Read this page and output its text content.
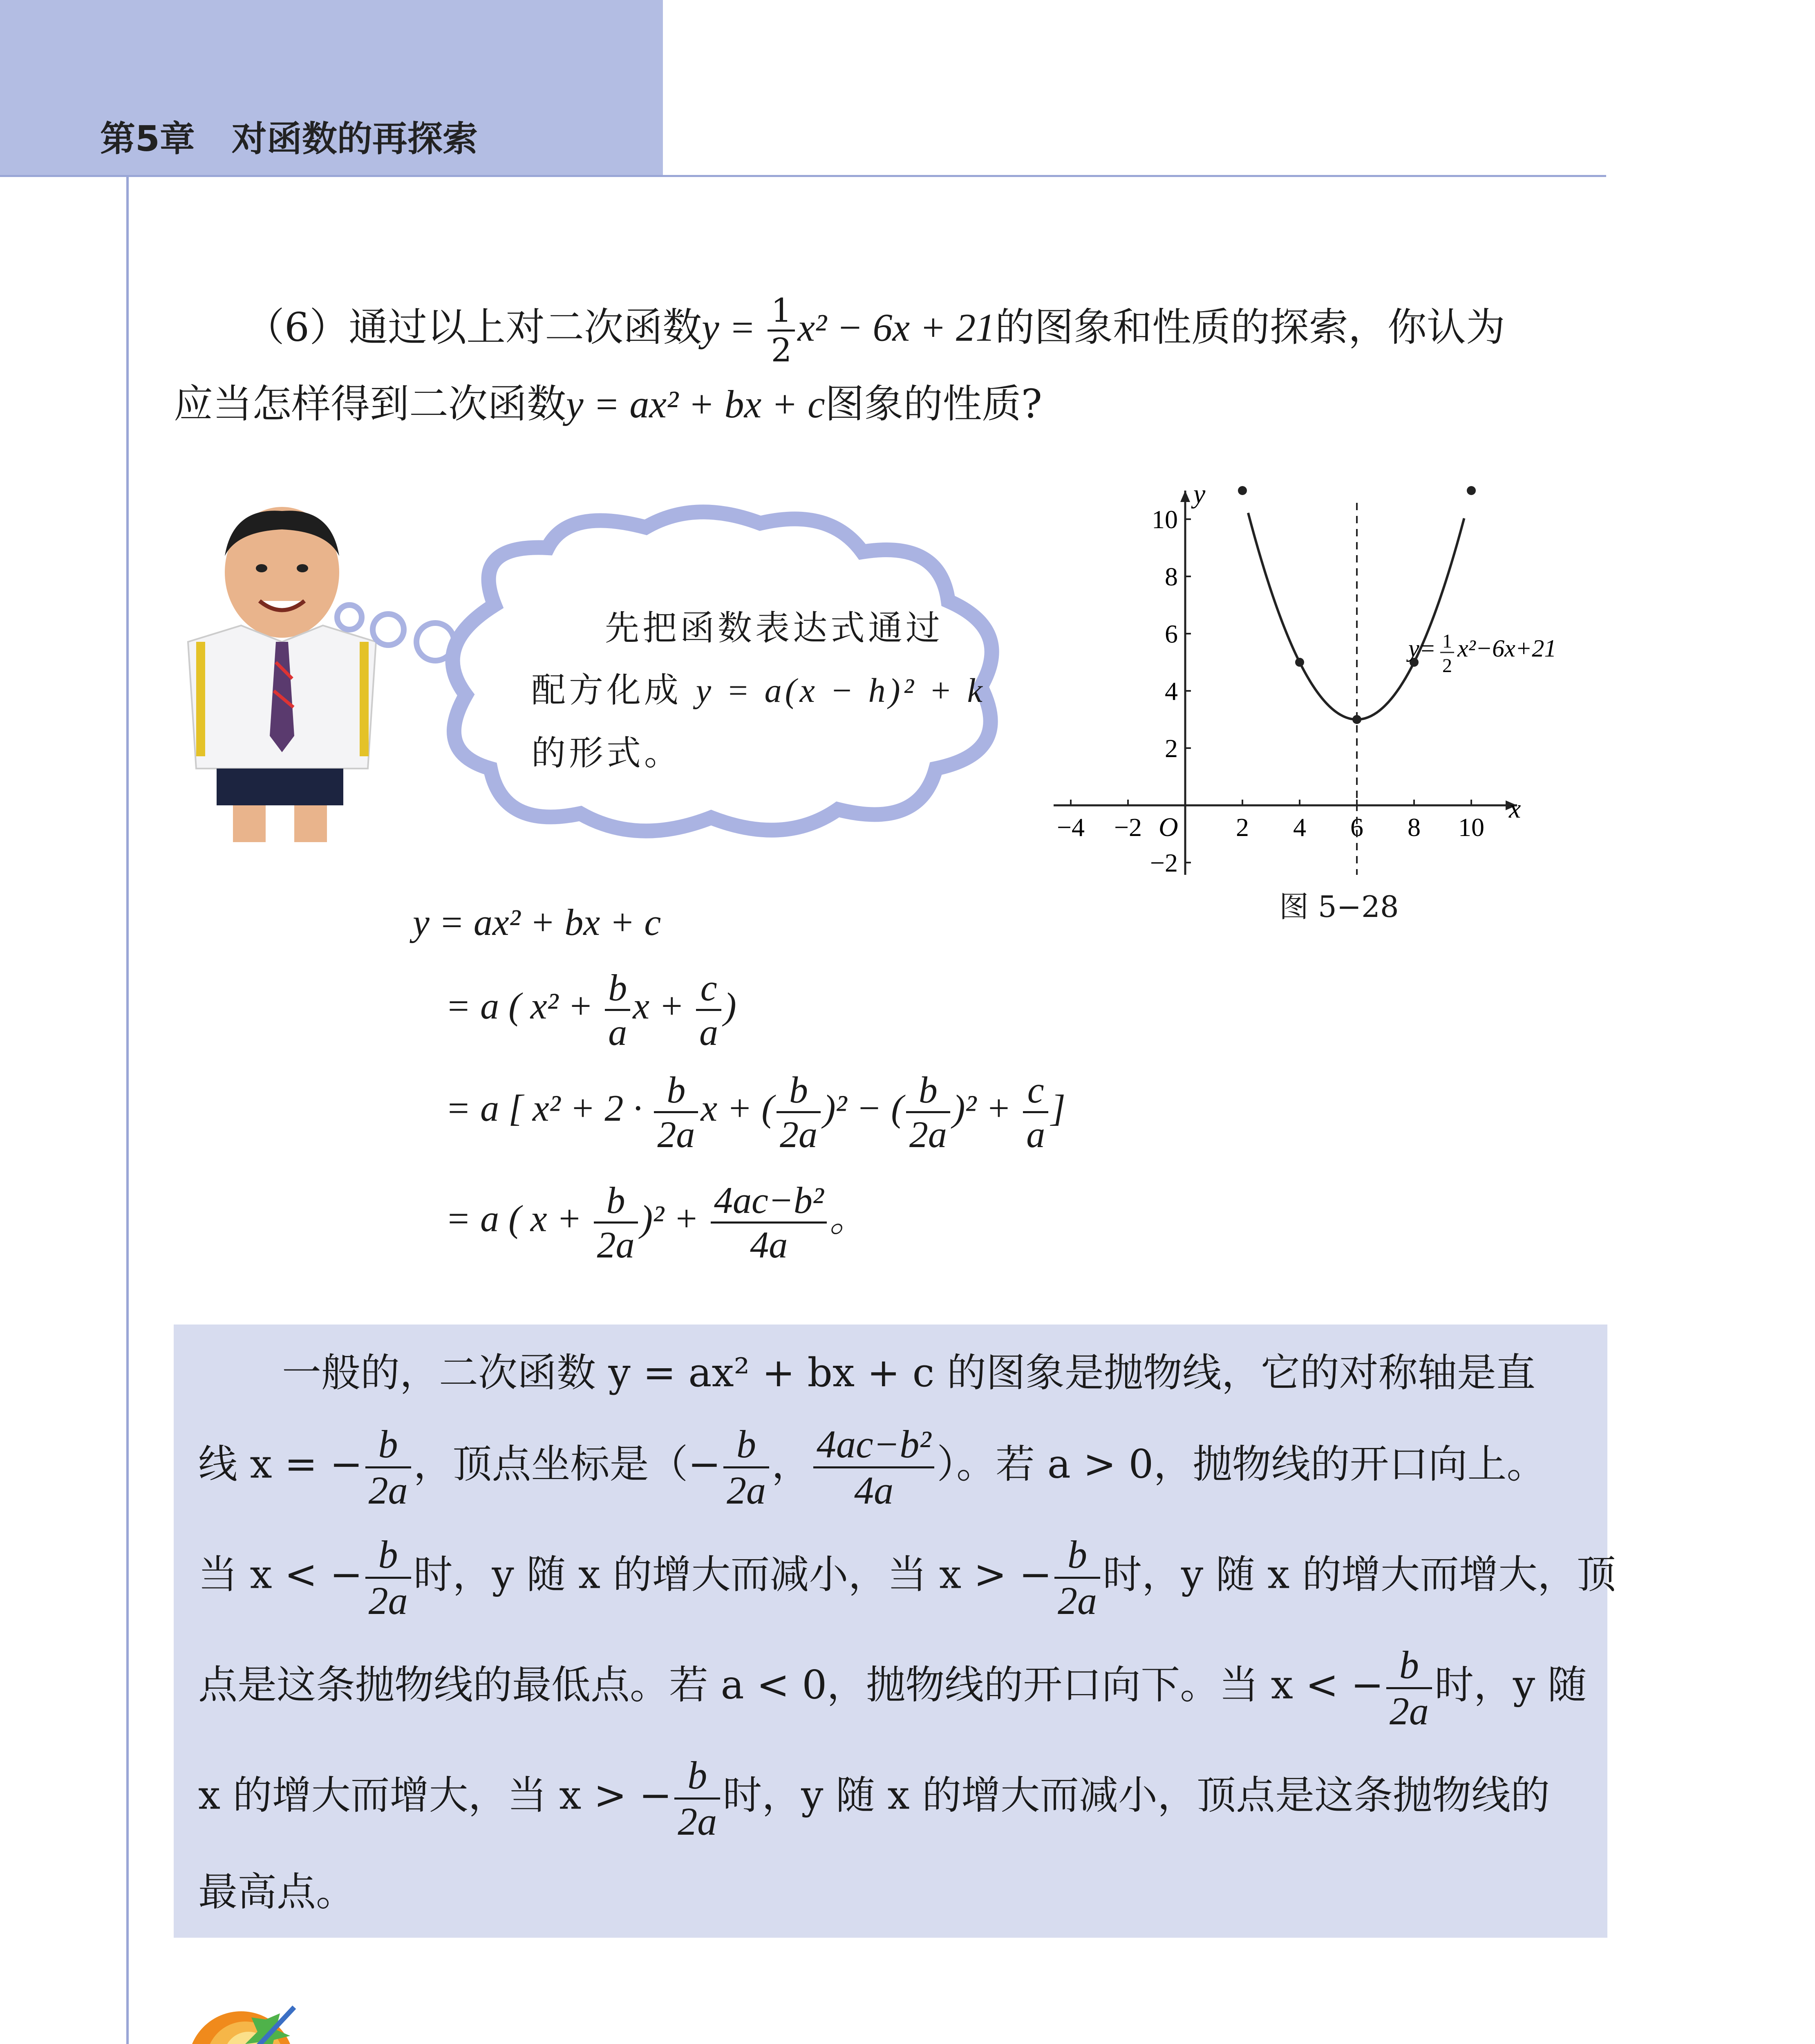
第5章 对函数的再探索
（6）通过以上对二次函数$y = \frac{1}{2} x^2 - 6x + 21$的图象和性质的探索，你认为
应当怎样得到二次函数y = ax² + bx + c图象的性质?
先把函数表达式通过
配方化成 y = a(x − h)² + k
的形式。
x
y
O
−4 −2	2 4 6 8 10
10
8
6
4
2
−2
y= 1
2
x²−6x+21
图 5−28
y = ax² + bx + c
= a ( $x^2 + \frac{b}{a}$ $x + \frac{c}{a}$ )
= a [ $x^2 + 2 \cdot \frac{b}{2a}$ x + ( $\frac{b}{2a} )^2$ − ( $\frac{b}{2a} )^2 + \frac{c}{a}$ ]
= a ( $x + \frac{b}{2a} )^2 + \frac{\text{4ac−b²}}{4a}$ 。
一般的，二次函数 y = ax² + bx + c 的图象是抛物线，它的对称轴是直
线 x = − $\frac{b}{2a}$ ，顶点坐标是（− $\frac{b}{2a}$ ， $\frac{\text{4ac−b²}}{4a}$ ）。若 a > 0，抛物线的开口向上。
当 x < − $\frac{b}{2a}$ 时，y 随 x 的增大而减小，当 x > − $\frac{b}{2a}$ 时，y 随 x 的增大而增大，顶
点是这条抛物线的最低点。若 a < 0，抛物线的开口向下。当 x < − $\frac{b}{2a}$ 时，y 随
x 的增大而增大，当 x > − $\frac{b}{2a}$ 时，y 随 x 的增大而减小，顶点是这条抛物线的
最高点。
